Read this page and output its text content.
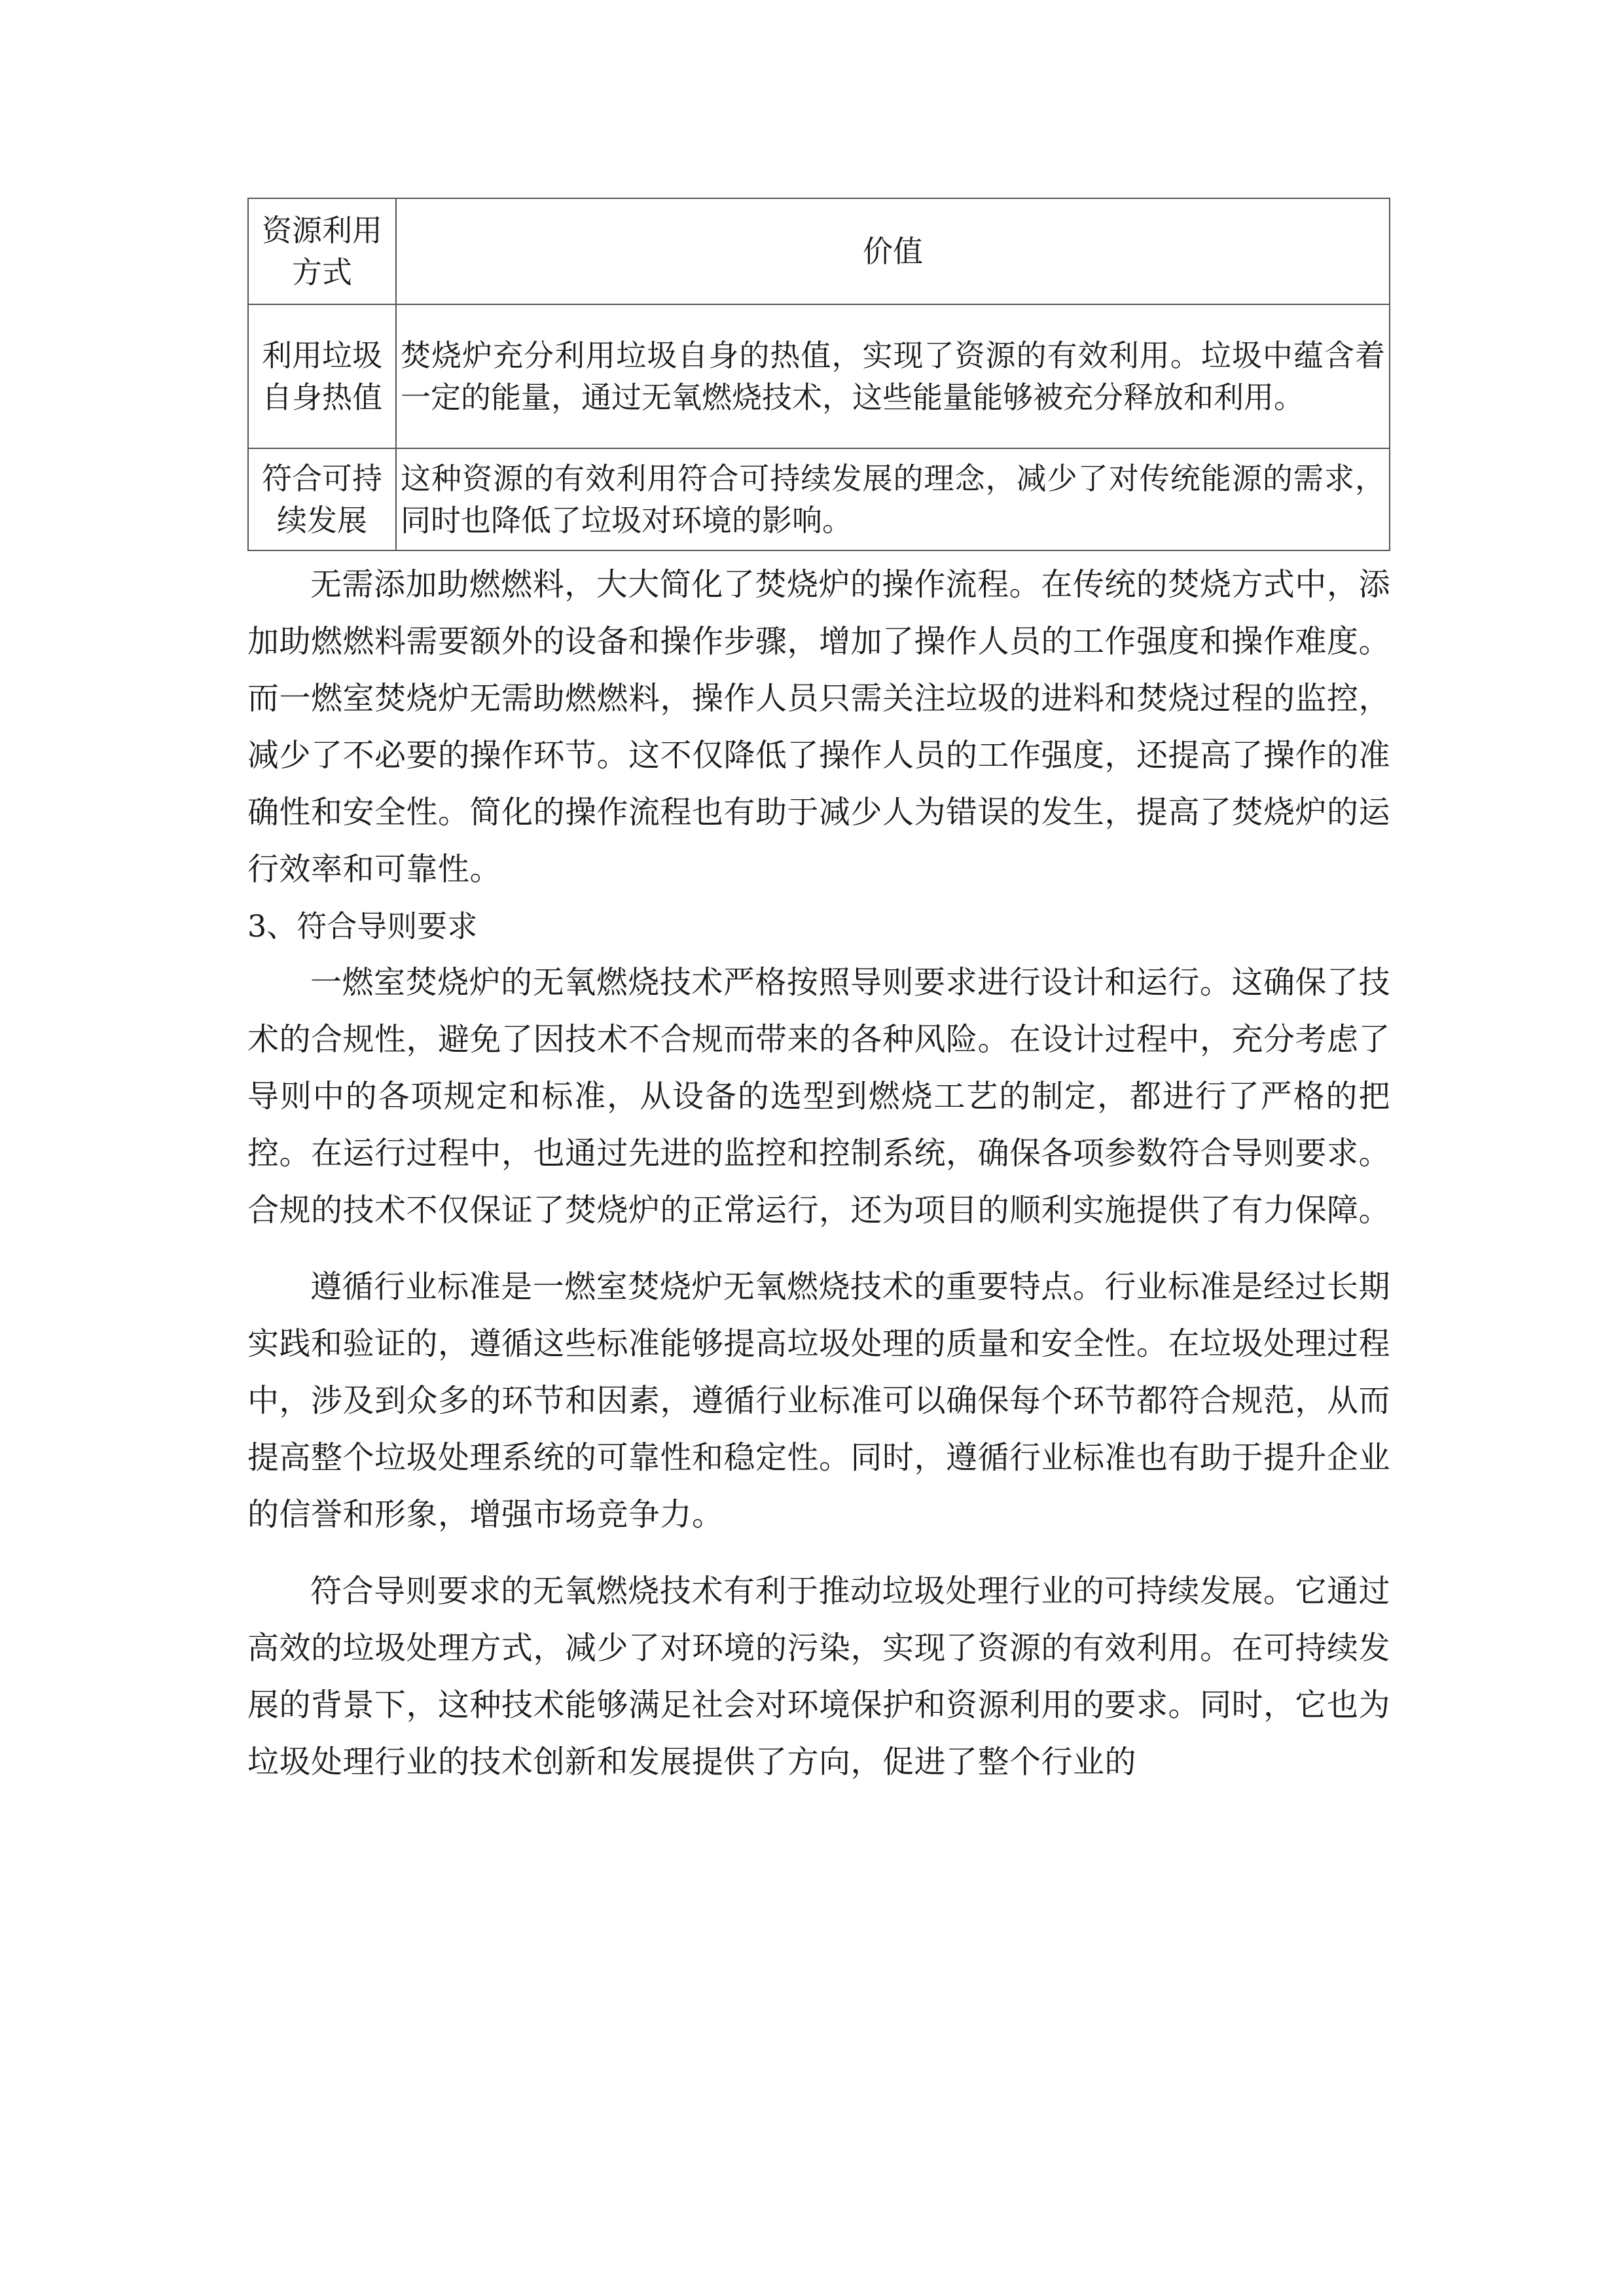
资源利用方式	价值
利用垃圾自身热值	焚烧炉充分利用垃圾自身的热值，实现了资源的有效利用。垃圾中蕴含着一定的能量，通过无氧燃烧技术，这些能量能够被充分释放和利用。
符合可持续发展	这种资源的有效利用符合可持续发展的理念，减少了对传统能源的需求，同时也降低了垃圾对环境的影响。

无需添加助燃燃料，大大简化了焚烧炉的操作流程。在传统的焚烧方式中，添加助燃燃料需要额外的设备和操作步骤，增加了操作人员的工作强度和操作难度。而一燃室焚烧炉无需助燃燃料，操作人员只需关注垃圾的进料和焚烧过程的监控，减少了不必要的操作环节。这不仅降低了操作人员的工作强度，还提高了操作的准确性和安全性。简化的操作流程也有助于减少人为错误的发生，提高了焚烧炉的运行效率和可靠性。

3、符合导则要求

一燃室焚烧炉的无氧燃烧技术严格按照导则要求进行设计和运行。这确保了技术的合规性，避免了因技术不合规而带来的各种风险。在设计过程中，充分考虑了导则中的各项规定和标准，从设备的选型到燃烧工艺的制定，都进行了严格的把控。在运行过程中，也通过先进的监控和控制系统，确保各项参数符合导则要求。合规的技术不仅保证了焚烧炉的正常运行，还为项目的顺利实施提供了有力保障。

遵循行业标准是一燃室焚烧炉无氧燃烧技术的重要特点。行业标准是经过长期实践和验证的，遵循这些标准能够提高垃圾处理的质量和安全性。在垃圾处理过程中，涉及到众多的环节和因素，遵循行业标准可以确保每个环节都符合规范，从而提高整个垃圾处理系统的可靠性和稳定性。同时，遵循行业标准也有助于提升企业的信誉和形象，增强市场竞争力。

符合导则要求的无氧燃烧技术有利于推动垃圾处理行业的可持续发展。它通过高效的垃圾处理方式，减少了对环境的污染，实现了资源的有效利用。在可持续发展的背景下，这种技术能够满足社会对环境保护和资源利用的要求。同时，它也为垃圾处理行业的技术创新和发展提供了方向，促进了整个行业的
